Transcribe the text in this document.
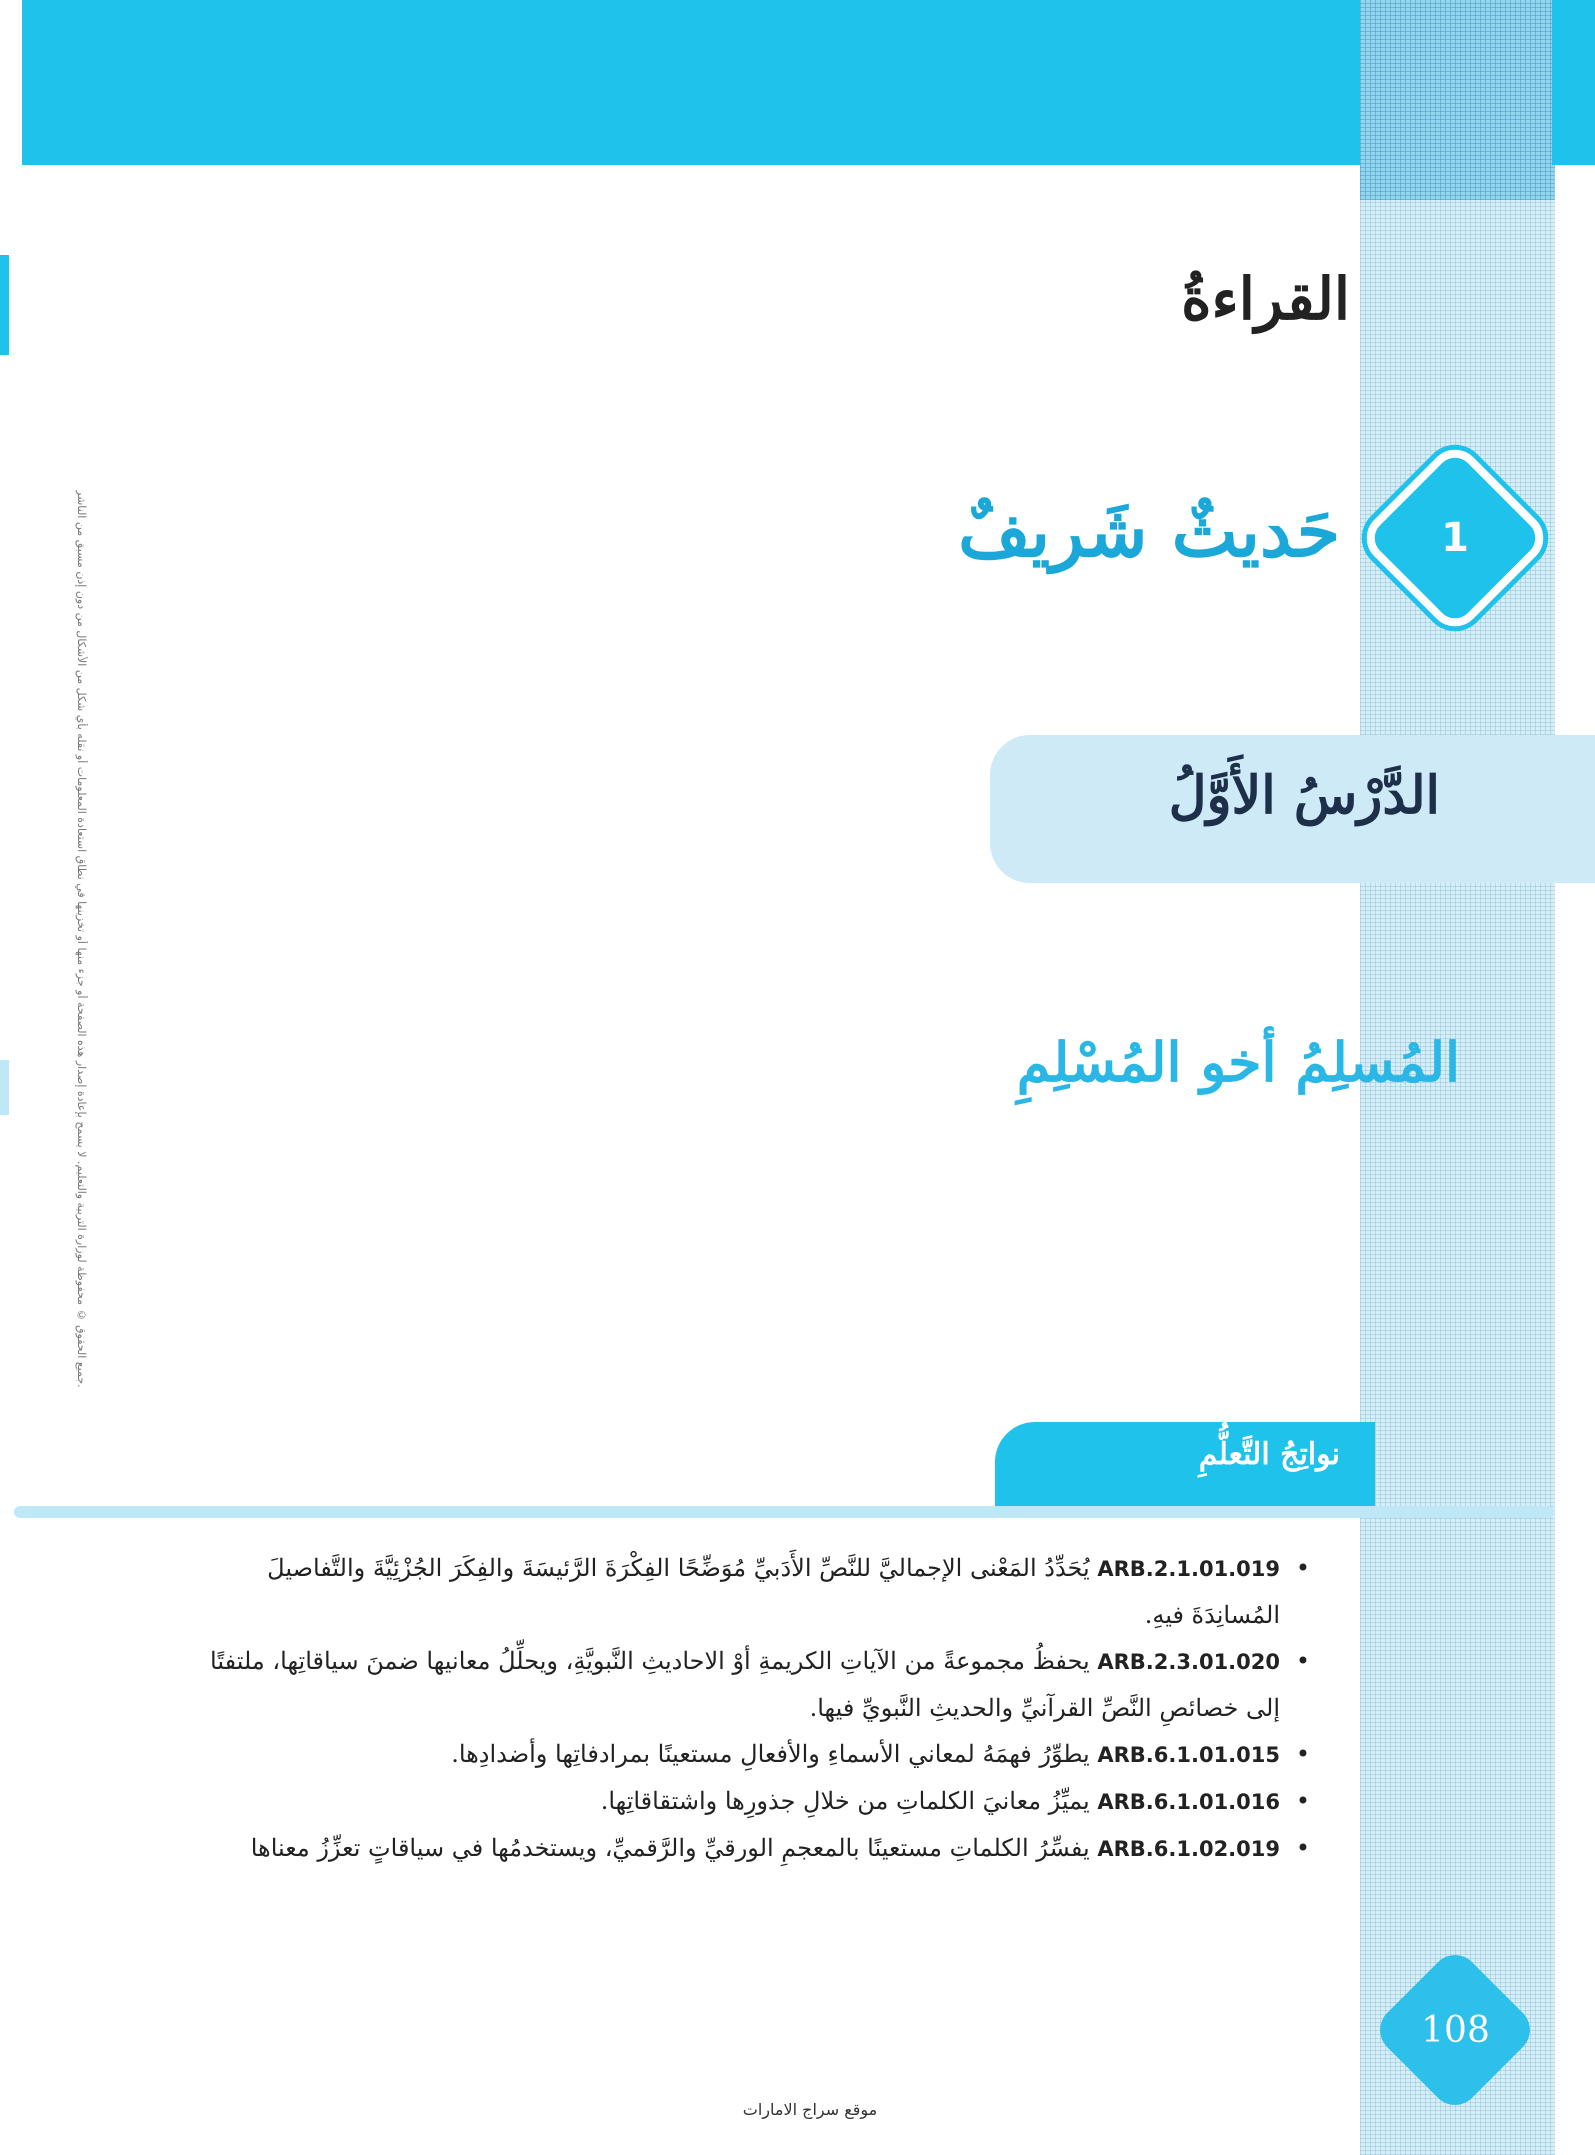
جميع الحقوق © محفوظة لوزارة التربية والتعليم. لا يسمح بإعادة إصدار هذه الصفحة أو جزء منها أو تخزينها في نطاق استعادة المعلومات أو نقله بأي شكل من الأشكال من دون إذن مسبق من الناشر.
القراءةُ
1
حَديثٌ شَريفٌ
الدَّرْسُ الأَوَّلُ
المُسلِمُ أخو المُسْلِمِ
نواتِجُ التَّعلُّمِ
•
ARB.2.1.01.019 يُحَدِّدُ المَعْنى الإجماليَّ للنَّصِّ الأَدَبيِّ مُوَضِّحًا الفِكْرَةَ الرَّئيسَةَ والفِكَرَ الجُزْئِيَّةَ والتَّفاصيلَ المُسانِدَةَ فيهِ.
•
ARB.2.3.01.020 يحفظُ مجموعةً من الآياتِ الكريمةِ أوْ الاحاديثِ النَّبويَّةِ، ويحلِّلُ معانيها ضمنَ سياقاتِها، ملتفتًا إلى خصائصِ النَّصِّ القرآنيِّ والحديثِ النَّبويِّ فيها.
•
ARB.6.1.01.015 يطوِّرُ فهمَهُ لمعاني الأسماءِ والأفعالِ مستعينًا بمرادفاتِها وأضدادِها.
•
ARB.6.1.01.016 يميِّزُ معانيَ الكلماتِ من خلالِ جذورِها واشتقاقاتِها.
•
ARB.6.1.02.019 يفسِّرُ الكلماتِ مستعينًا بالمعجمِ الورقيِّ والرَّقميِّ، ويستخدمُها في سياقاتٍ تعزِّزُ معناها
108
موقع سراج الامارات
